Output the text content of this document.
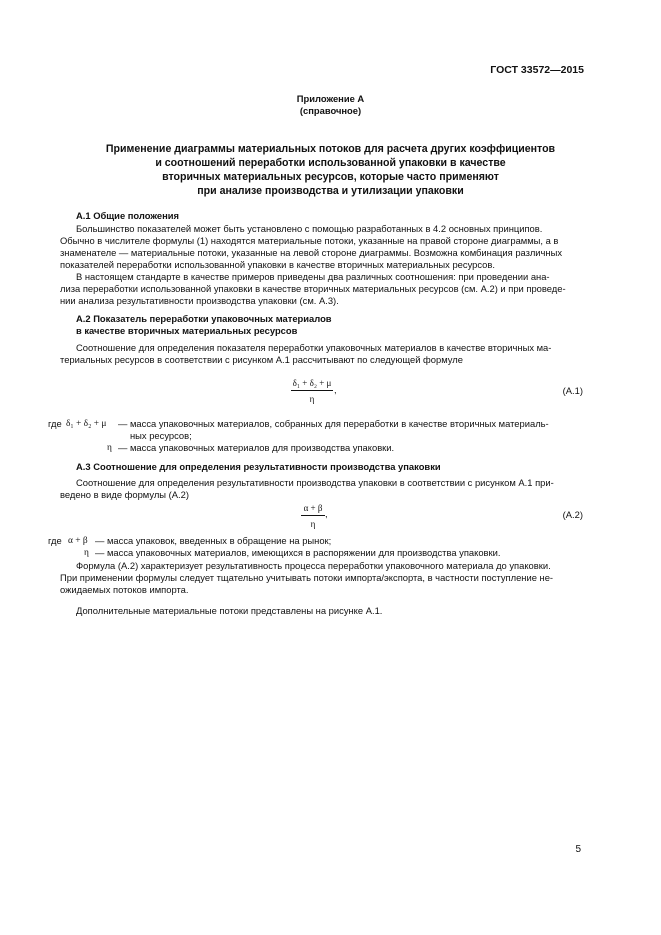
ГОСТ 33572—2015
Приложение А
(справочное)
Применение диаграммы материальных потоков для расчета других коэффициентов
и соотношений переработки использованной упаковки в качестве
вторичных материальных ресурсов, которые часто применяют
при анализе производства и утилизации упаковки
А.1 Общие положения
Большинство показателей может быть установлено с помощью разработанных в 4.2 основных принципов.
Обычно в числителе формулы (1) находятся материальные потоки, указанные на правой стороне диаграммы, а в
знаменателе — материальные потоки, указанные на левой стороне диаграммы. Возможна комбинация различных
показателей переработки использованной упаковки в качестве вторичных материальных ресурсов.
В настоящем стандарте в качестве примеров приведены два различных соотношения: при проведении ана-
лиза переработки использованной упаковки в качестве вторичных материальных ресурсов (см. А.2) и при проведе-
нии анализа результативности производства упаковки (см. А.3).
А.2 Показатель переработки упаковочных материалов
в качестве вторичных материальных ресурсов
Соотношение для определения показателя переработки упаковочных материалов в качестве вторичных ма-
териальных ресурсов в соответствии с рисунком А.1 рассчитывают по следующей формуле
δ₁ + δ₂ + μ
η
,	(А.1)
где δ₁ + δ₂ + μ — масса упаковочных материалов, собранных для переработки в качестве вторичных материаль-
ных ресурсов;
η — масса упаковочных материалов для производства упаковки.
А.3 Соотношение для определения результативности производства упаковки
Соотношение для определения результативности производства упаковки в соответствии с рисунком А.1 при-
ведено в виде формулы (А.2)
α + β
η
,	(А.2)
где α + β — масса упаковок, введенных в обращение на рынок;
η — масса упаковочных материалов, имеющихся в распоряжении для производства упаковки.
Формула (А.2) характеризует результативность процесса переработки упаковочного материала до упаковки.
При применении формулы следует тщательно учитывать потоки импорта/экспорта, в частности поступление не-
ожидаемых потоков импорта.
Дополнительные материальные потоки представлены на рисунке А.1.
5
